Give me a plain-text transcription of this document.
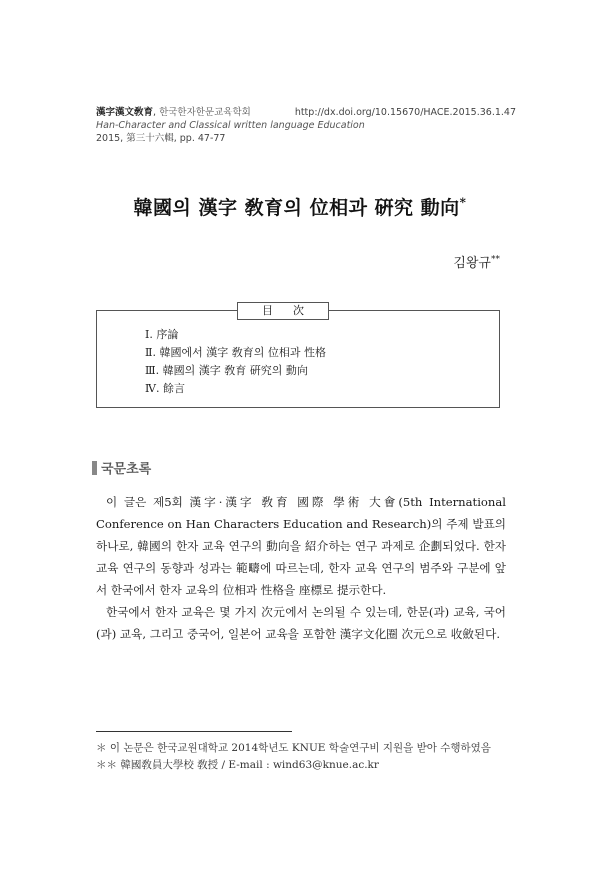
漢字漢文敎育, 한국한자한문교육학회	http://dx.doi.org/10.15670/HACE.2015.36.1.47
Han-Character and Classical written language Education
2015, 第三十六輯, pp. 47-77
韓國의 漢字 敎育의 位相과 硏究 動向*
김왕규**
目次
Ⅰ. 序論
Ⅱ. 韓國에서 漢字 敎育의 位相과 性格
Ⅲ. 韓國의 漢字 敎育 硏究의 動向
Ⅳ. 餘言
국문초록

이 글은 제5회 漢字·漢字 敎育 國際 學術 大會(5th International Conference on Han Characters Education and Research)의 주제 발표의 하나로, 韓國의 한자 교육 연구의 動向을 紹介하는 연구 과제로 企劃되었다. 한자 교육 연구의 동향과 성과는 範疇에 따르는데, 한자 교육 연구의 범주와 구분에 앞서 한국에서 한자 교육의 位相과 性格을 座標로 提示한다.

한국에서 한자 교육은 몇 가지 次元에서 논의될 수 있는데, 한문(과) 교육, 국어(과) 교육, 그리고 중국어, 일본어 교육을 포함한 漢字文化圈 次元으로 收斂된다.

＊ 이 논문은 한국교원대학교 2014학년도 KNUE 학술연구비 지원을 받아 수행하였음
＊＊ 韓國敎員大學校 敎授 / E-mail : wind63@knue.ac.kr
